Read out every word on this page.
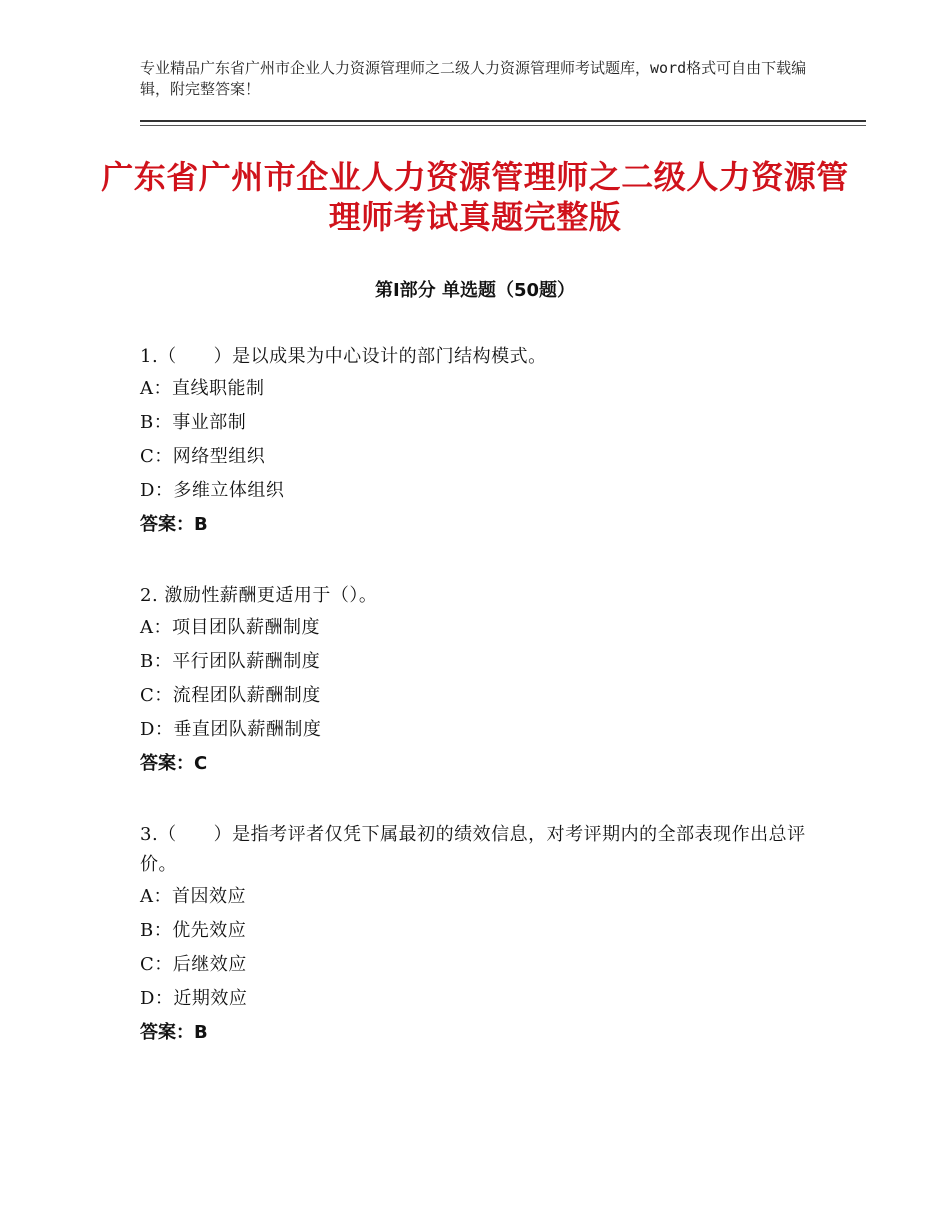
专业精品广东省广州市企业人力资源管理师之二级人力资源管理师考试题库，word格式可自由下载编辑，附完整答案！
广东省广州市企业人力资源管理师之二级人力资源管理师考试真题完整版
第Ⅰ部分 单选题（50题）
1.（　　）是以成果为中心设计的部门结构模式。
A：直线职能制
B：事业部制
C：网络型组织
D：多维立体组织
答案：B
2. 激励性薪酬更适用于（）。
A：项目团队薪酬制度
B：平行团队薪酬制度
C：流程团队薪酬制度
D：垂直团队薪酬制度
答案：C
3.（　　）是指考评者仅凭下属最初的绩效信息，对考评期内的全部表现作出总评价。
A：首因效应
B：优先效应
C：后继效应
D：近期效应
答案：B
